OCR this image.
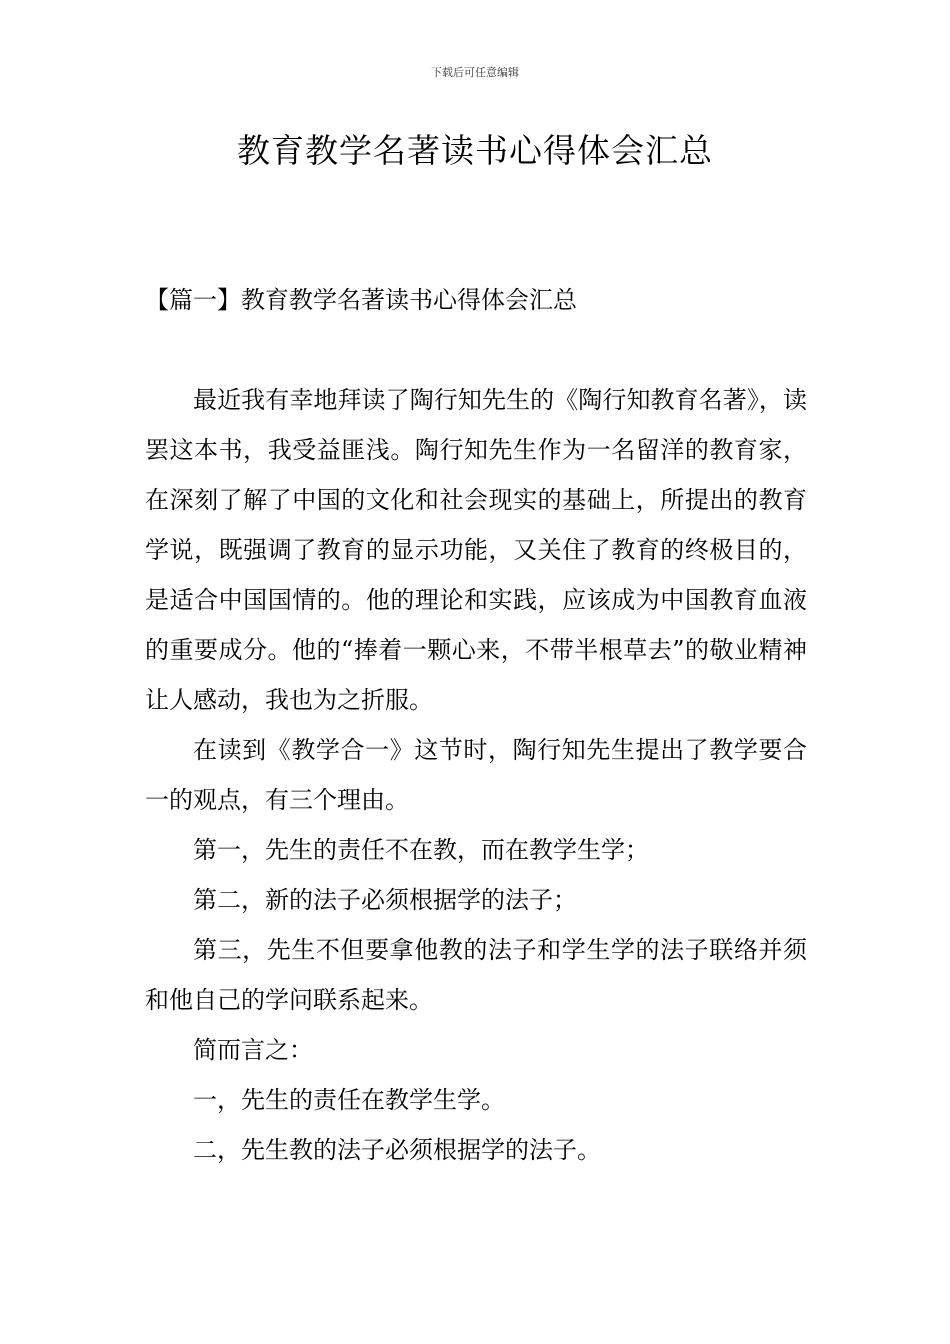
下载后可任意编辑
教育教学名著读书心得体会汇总
【篇一】教育教学名著读书心得体会汇总

最近我有幸地拜读了陶行知先生的《陶行知教育名著》，读罢这本书，我受益匪浅。陶行知先生作为一名留洋的教育家，在深刻了解了中国的文化和社会现实的基础上，所提出的教育学说，既强调了教育的显示功能，又关住了教育的终极目的，是适合中国国情的。他的理论和实践，应该成为中国教育血液的重要成分。他的“捧着一颗心来，不带半根草去”的敬业精神让人感动，我也为之折服。

在读到《教学合一》这节时，陶行知先生提出了教学要合一的观点，有三个理由。

第一，先生的责任不在教，而在教学生学；

第二，新的法子必须根据学的法子；

第三，先生不但要拿他教的法子和学生学的法子联络并须和他自己的学问联系起来。

简而言之：

一，先生的责任在教学生学。

二，先生教的法子必须根据学的法子。
